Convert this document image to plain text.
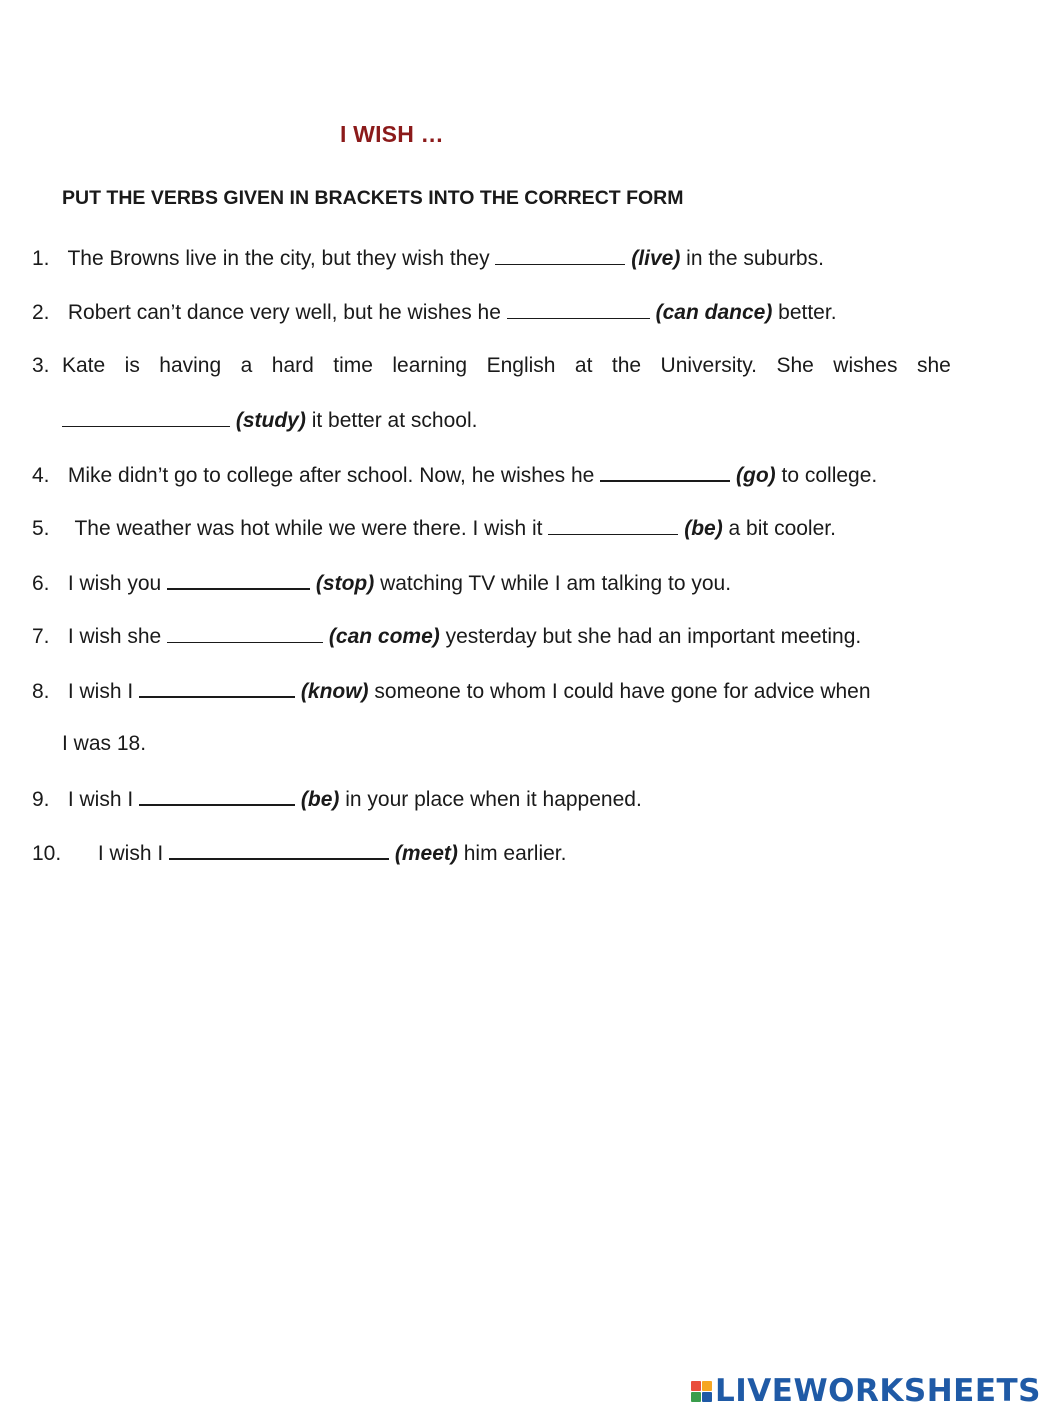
I WISH …
PUT THE VERBS GIVEN IN BRACKETS INTO THE CORRECT FORM
1. The Browns live in the city, but they wish they	(live) in the suburbs.
2. Robert can’t dance very well, but he wishes he	(can dance) better.
3. Kate is having a hard time learning English at the University. She wishes she
(study) it better at school.
4. Mike didn’t go to college after school. Now, he wishes he	(go) to college.
5. The weather was hot while we were there. I wish it	(be) a bit cooler.
6. I wish you	(stop) watching TV while I am talking to you.
7. I wish she	(can come) yesterday but she had an important meeting.
8. I wish I	(know) someone to whom I could have gone for advice when
I was 18.
9. I wish I	(be) in your place when it happened.
10. I wish I	(meet) him earlier.
LIVEWORKSHEETS
